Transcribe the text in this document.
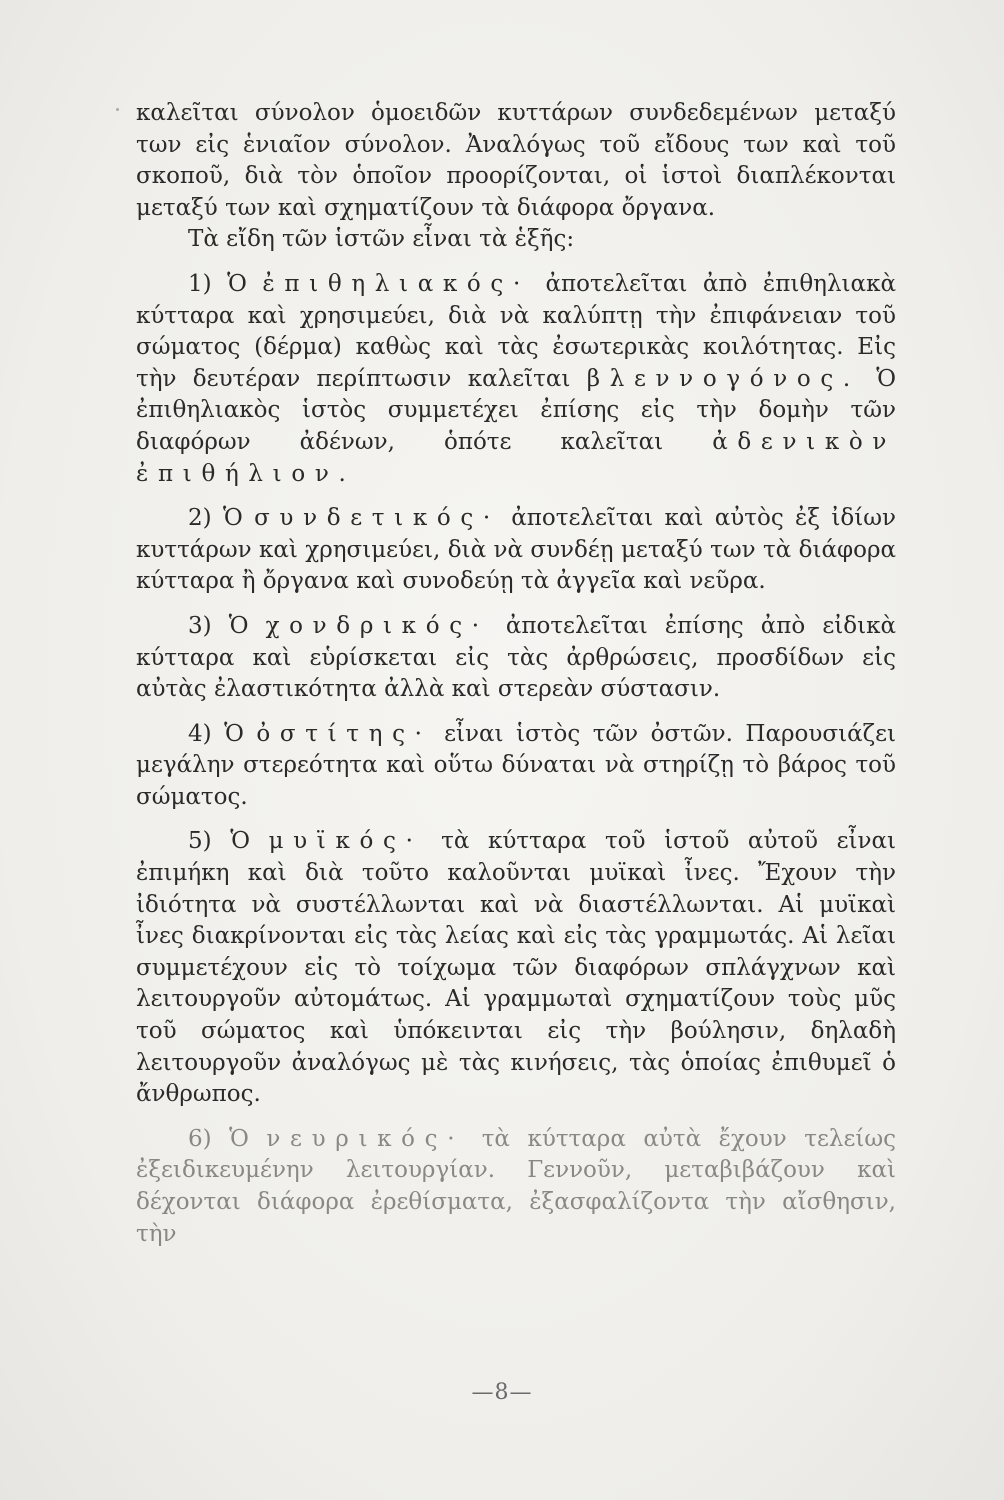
καλεῖται σύνολον ὁμοειδῶν κυττάρων συνδεδεμένων μεταξύ των εἰς ἑνιαῖον σύνολον. Ἀναλόγως τοῦ εἴδους των καὶ τοῦ σκοποῦ, διὰ τὸν ὁποῖον προορίζονται, οἱ ἱστοὶ διαπλέκονται μεταξύ των καὶ σχηματίζουν τὰ διάφορα ὄργανα.

Τὰ εἴδη τῶν ἱστῶν εἶναι τὰ ἑξῆς:

1) Ὁ ἐπιθηλιακός· ἀποτελεῖται ἀπὸ ἐπιθηλιακὰ κύτταρα καὶ χρησιμεύει, διὰ νὰ καλύπτῃ τὴν ἐπιφάνειαν τοῦ σώματος (δέρμα) καθὼς καὶ τὰς ἐσωτερικὰς κοιλότητας. Εἰς τὴν δευτέραν περίπτωσιν καλεῖται βλεννογόνος. Ὁ ἐπιθηλιακὸς ἱστὸς συμμετέχει ἐπίσης εἰς τὴν δομὴν τῶν διαφόρων ἀδένων, ὁπότε καλεῖται ἀδενικὸν ἐπιθήλιον.

2) Ὁ συνδετικός· ἀποτελεῖται καὶ αὐτὸς ἐξ ἰδίων κυττάρων καὶ χρησιμεύει, διὰ νὰ συνδέῃ μεταξύ των τὰ διάφορα κύτταρα ἢ ὄργανα καὶ συνοδεύῃ τὰ ἀγγεῖα καὶ νεῦρα.

3) Ὁ χονδρικός· ἀποτελεῖται ἐπίσης ἀπὸ εἰδικὰ κύτταρα καὶ εὑρίσκεται εἰς τὰς ἀρθρώσεις, προσδίδων εἰς αὐτὰς ἐλαστικότητα ἀλλὰ καὶ στερεὰν σύστασιν.

4) Ὁ ὀστίτης· εἶναι ἱστὸς τῶν ὀστῶν. Παρουσιάζει μεγάλην στερεότητα καὶ οὕτω δύναται νὰ στηρίζῃ τὸ βάρος τοῦ σώματος.

5) Ὁ μυϊκός· τὰ κύτταρα τοῦ ἱστοῦ αὐτοῦ εἶναι ἐπιμήκη καὶ διὰ τοῦτο καλοῦνται μυϊκαὶ ἶνες. Ἔχουν τὴν ἰδιότητα νὰ συστέλλωνται καὶ νὰ διαστέλλωνται. Αἱ μυϊκαὶ ἶνες διακρίνονται εἰς τὰς λείας καὶ εἰς τὰς γραμμωτάς. Αἱ λεῖαι συμμετέχουν εἰς τὸ τοίχωμα τῶν διαφόρων σπλάγχνων καὶ λειτουργοῦν αὐτομάτως. Αἱ γραμμωταὶ σχηματίζουν τοὺς μῦς τοῦ σώματος καὶ ὑπόκεινται εἰς τὴν βούλησιν, δηλαδὴ λειτουργοῦν ἀναλόγως μὲ τὰς κινήσεις, τὰς ὁποίας ἐπιθυμεῖ ὁ ἄνθρωπος.

6) Ὁ νευρικός· τὰ κύτταρα αὐτὰ ἔχουν τελείως ἐξειδικευμένην λειτουργίαν. Γεννοῦν, μεταβιβάζουν καὶ δέχονται διάφορα ἐρεθίσματα, ἐξασφαλίζοντα τὴν αἴσθησιν, τὴν

—8—
